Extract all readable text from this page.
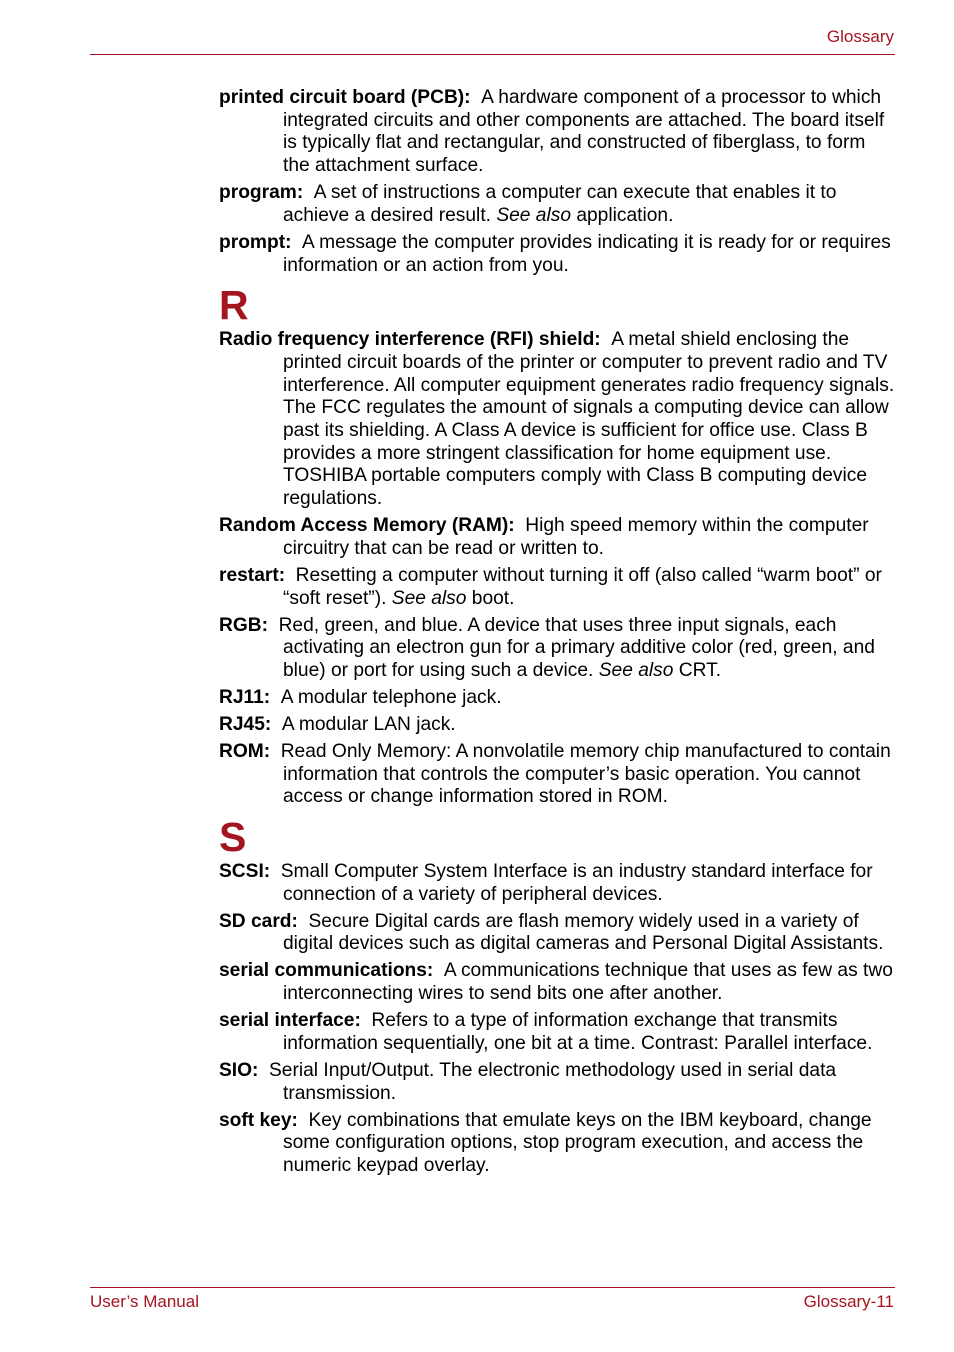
Glossary

printed circuit board (PCB): A hardware component of a processor to which integrated circuits and other components are attached. The board itself is typically flat and rectangular, and constructed of fiberglass, to form the attachment surface.

program: A set of instructions a computer can execute that enables it to achieve a desired result. See also application.

prompt: A message the computer provides indicating it is ready for or requires information or an action from you.

R

Radio frequency interference (RFI) shield: A metal shield enclosing the printed circuit boards of the printer or computer to prevent radio and TV interference. All computer equipment generates radio frequency signals. The FCC regulates the amount of signals a computing device can allow past its shielding. A Class A device is sufficient for office use. Class B provides a more stringent classification for home equipment use. TOSHIBA portable computers comply with Class B computing device regulations.

Random Access Memory (RAM): High speed memory within the computer circuitry that can be read or written to.

restart: Resetting a computer without turning it off (also called “warm boot” or “soft reset”). See also boot.

RGB: Red, green, and blue. A device that uses three input signals, each activating an electron gun for a primary additive color (red, green, and blue) or port for using such a device. See also CRT.

RJ11: A modular telephone jack.

RJ45: A modular LAN jack.

ROM: Read Only Memory: A nonvolatile memory chip manufactured to contain information that controls the computer’s basic operation. You cannot access or change information stored in ROM.

S

SCSI: Small Computer System Interface is an industry standard interface for connection of a variety of peripheral devices.

SD card: Secure Digital cards are flash memory widely used in a variety of digital devices such as digital cameras and Personal Digital Assistants.

serial communications: A communications technique that uses as few as two interconnecting wires to send bits one after another.

serial interface: Refers to a type of information exchange that transmits information sequentially, one bit at a time. Contrast: Parallel interface.

SIO: Serial Input/Output. The electronic methodology used in serial data transmission.

soft key: Key combinations that emulate keys on the IBM keyboard, change some configuration options, stop program execution, and access the numeric keypad overlay.

User’s Manual	Glossary-11
